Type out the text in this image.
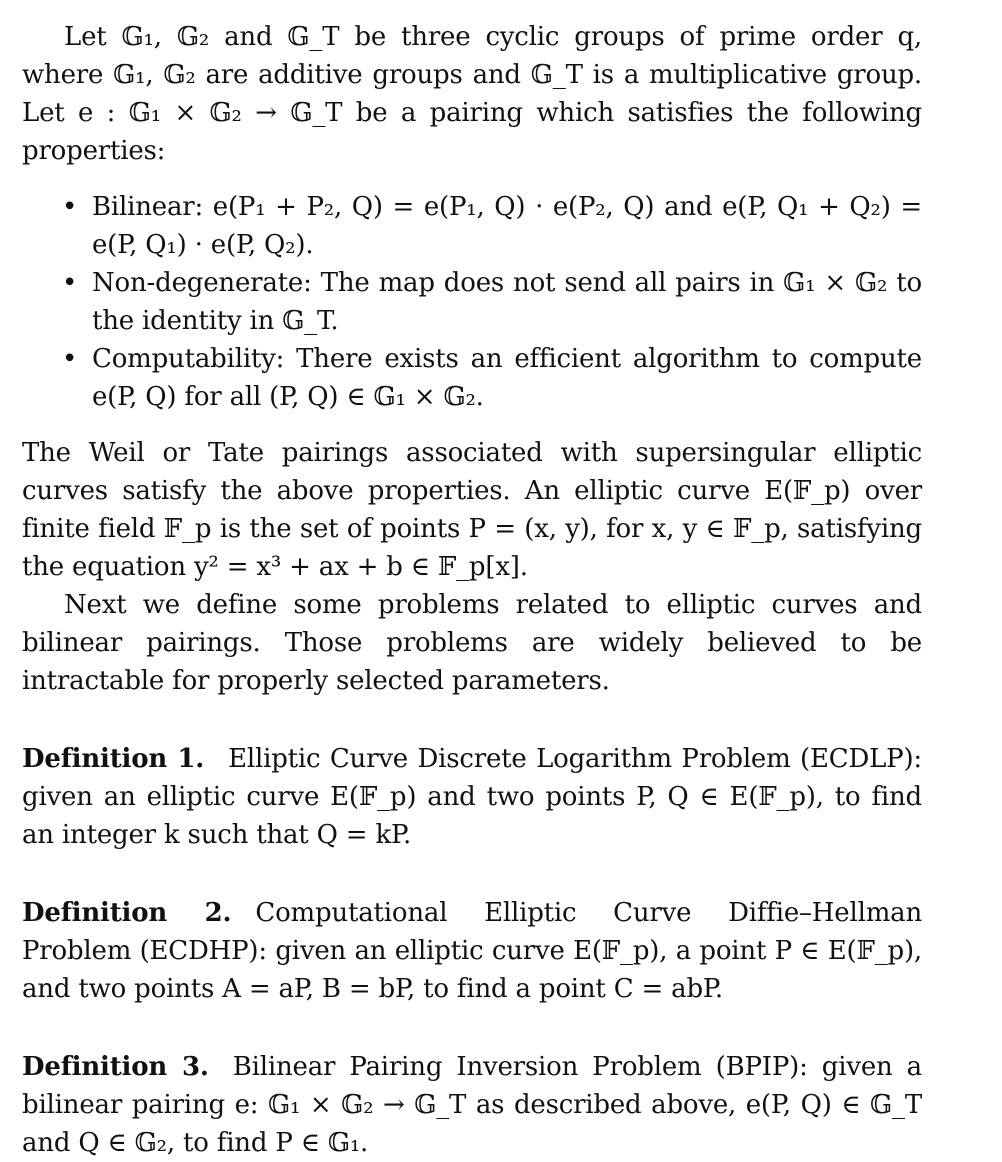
Let 𝔾₁, 𝔾₂ and 𝔾_T be three cyclic groups of prime order q, where 𝔾₁, 𝔾₂ are additive groups and 𝔾_T is a multiplicative group. Let e : 𝔾₁ × 𝔾₂ → 𝔾_T be a pairing which satisfies the following properties:

• Bilinear: e(P₁ + P₂, Q) = e(P₁, Q) · e(P₂, Q) and e(P, Q₁ + Q₂) = e(P, Q₁) · e(P, Q₂).
• Non-degenerate: The map does not send all pairs in 𝔾₁ × 𝔾₂ to the identity in 𝔾_T.
• Computability: There exists an efficient algorithm to compute e(P, Q) for all (P, Q) ∈ 𝔾₁ × 𝔾₂.

The Weil or Tate pairings associated with supersingular elliptic curves satisfy the above properties. An elliptic curve E(𝔽_p) over finite field 𝔽_p is the set of points P = (x, y), for x, y ∈ 𝔽_p, satisfying the equation y² = x³ + ax + b ∈ 𝔽_p[x].

Next we define some problems related to elliptic curves and bilinear pairings. Those problems are widely believed to be intractable for properly selected parameters.

Definition 1. Elliptic Curve Discrete Logarithm Problem (ECDLP): given an elliptic curve E(𝔽_p) and two points P, Q ∈ E(𝔽_p), to find an integer k such that Q = kP.

Definition 2. Computational Elliptic Curve Diffie–Hellman Problem (ECDHP): given an elliptic curve E(𝔽_p), a point P ∈ E(𝔽_p), and two points A = aP, B = bP, to find a point C = abP.

Definition 3. Bilinear Pairing Inversion Problem (BPIP): given a bilinear pairing e: 𝔾₁ × 𝔾₂ → 𝔾_T as described above, e(P, Q) ∈ 𝔾_T and Q ∈ 𝔾₂, to find P ∈ 𝔾₁.
